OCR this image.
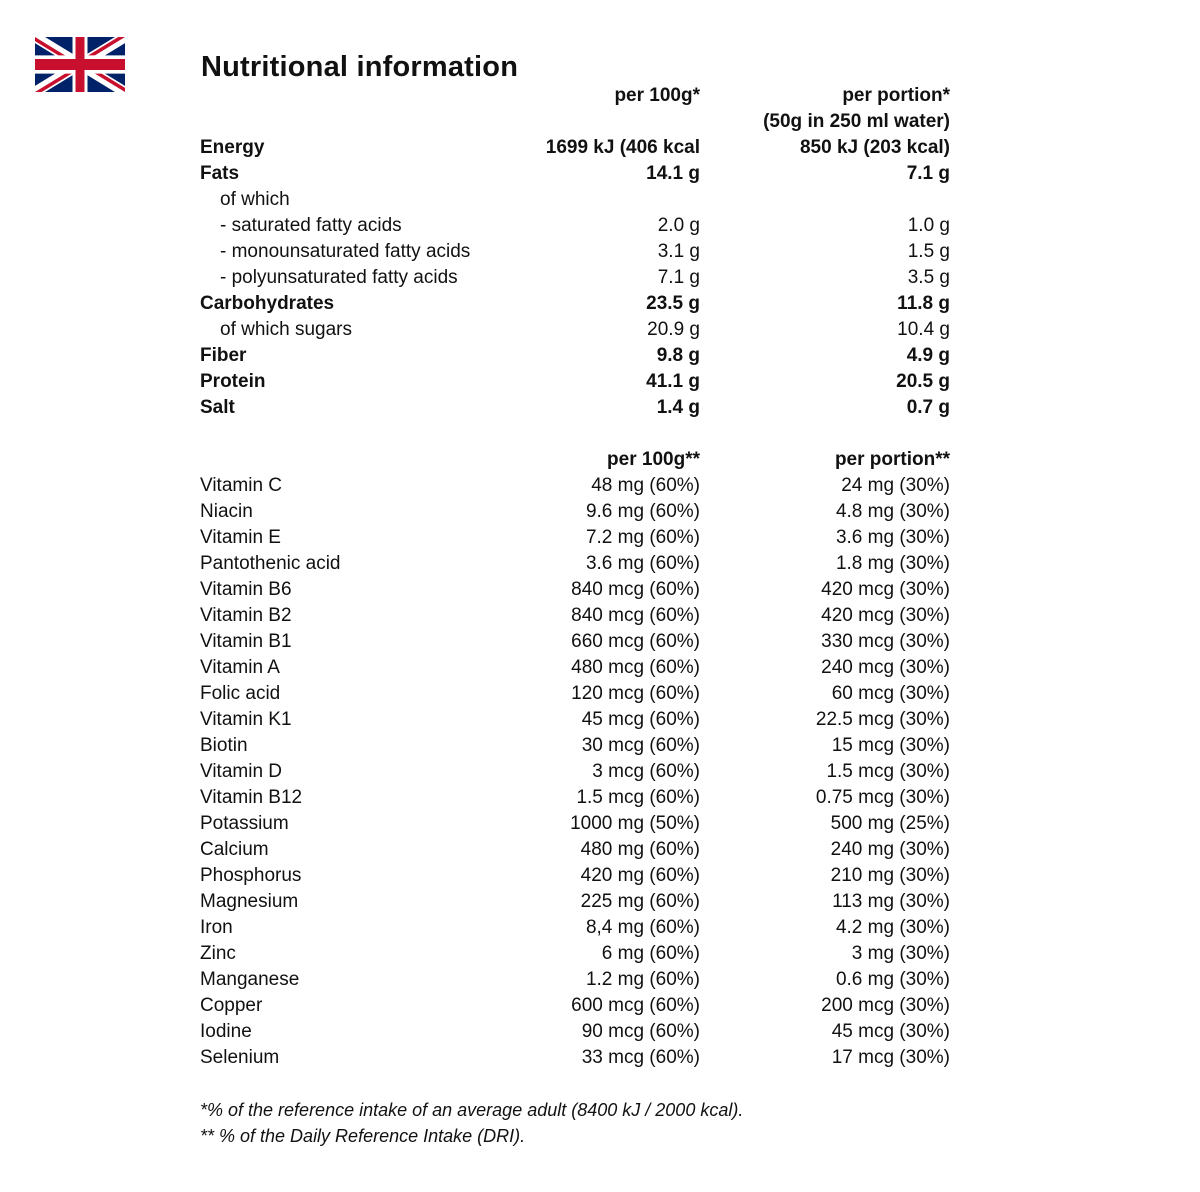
Nutritional information
per 100g*	per portion*
(50g in 250 ml water)
Energy	1699 kJ (406 kcal	850 kJ (203 kcal)
Fats	14.1 g	7.1 g
of which
- saturated fatty acids	2.0 g	1.0 g
- monounsaturated fatty acids	3.1 g	1.5 g
- polyunsaturated fatty acids	7.1 g	3.5 g
Carbohydrates	23.5 g	11.8 g
of which sugars	20.9 g	10.4 g
Fiber	9.8 g	4.9 g
Protein	41.1 g	20.5 g
Salt	1.4 g	0.7 g
per 100g**	per portion**
Vitamin C	48 mg (60%)	24 mg (30%)
Niacin	9.6 mg (60%)	4.8 mg (30%)
Vitamin E	7.2 mg (60%)	3.6 mg (30%)
Pantothenic acid	3.6 mg (60%)	1.8 mg (30%)
Vitamin B6	840 mcg (60%)	420 mcg (30%)
Vitamin B2	840 mcg (60%)	420 mcg (30%)
Vitamin B1	660 mcg (60%)	330 mcg (30%)
Vitamin A	480 mcg (60%)	240 mcg (30%)
Folic acid	120 mcg (60%)	60 mcg (30%)
Vitamin K1	45 mcg (60%)	22.5 mcg (30%)
Biotin	30 mcg (60%)	15 mcg (30%)
Vitamin D	3 mcg (60%)	1.5 mcg (30%)
Vitamin B12	1.5 mcg (60%)	0.75 mcg (30%)
Potassium	1000 mg (50%)	500 mg (25%)
Calcium	480 mg (60%)	240 mg (30%)
Phosphorus	420 mg (60%)	210 mg (30%)
Magnesium	225 mg (60%)	113 mg (30%)
Iron	8,4 mg (60%)	4.2 mg (30%)
Zinc	6 mg (60%)	3 mg (30%)
Manganese	1.2 mg (60%)	0.6 mg (30%)
Copper	600 mcg (60%)	200 mcg (30%)
Iodine	90 mcg (60%)	45 mcg (30%)
Selenium	33 mcg (60%)	17 mcg (30%)
*% of the reference intake of an average adult (8400 kJ / 2000 kcal).
** % of the Daily Reference Intake (DRI).
